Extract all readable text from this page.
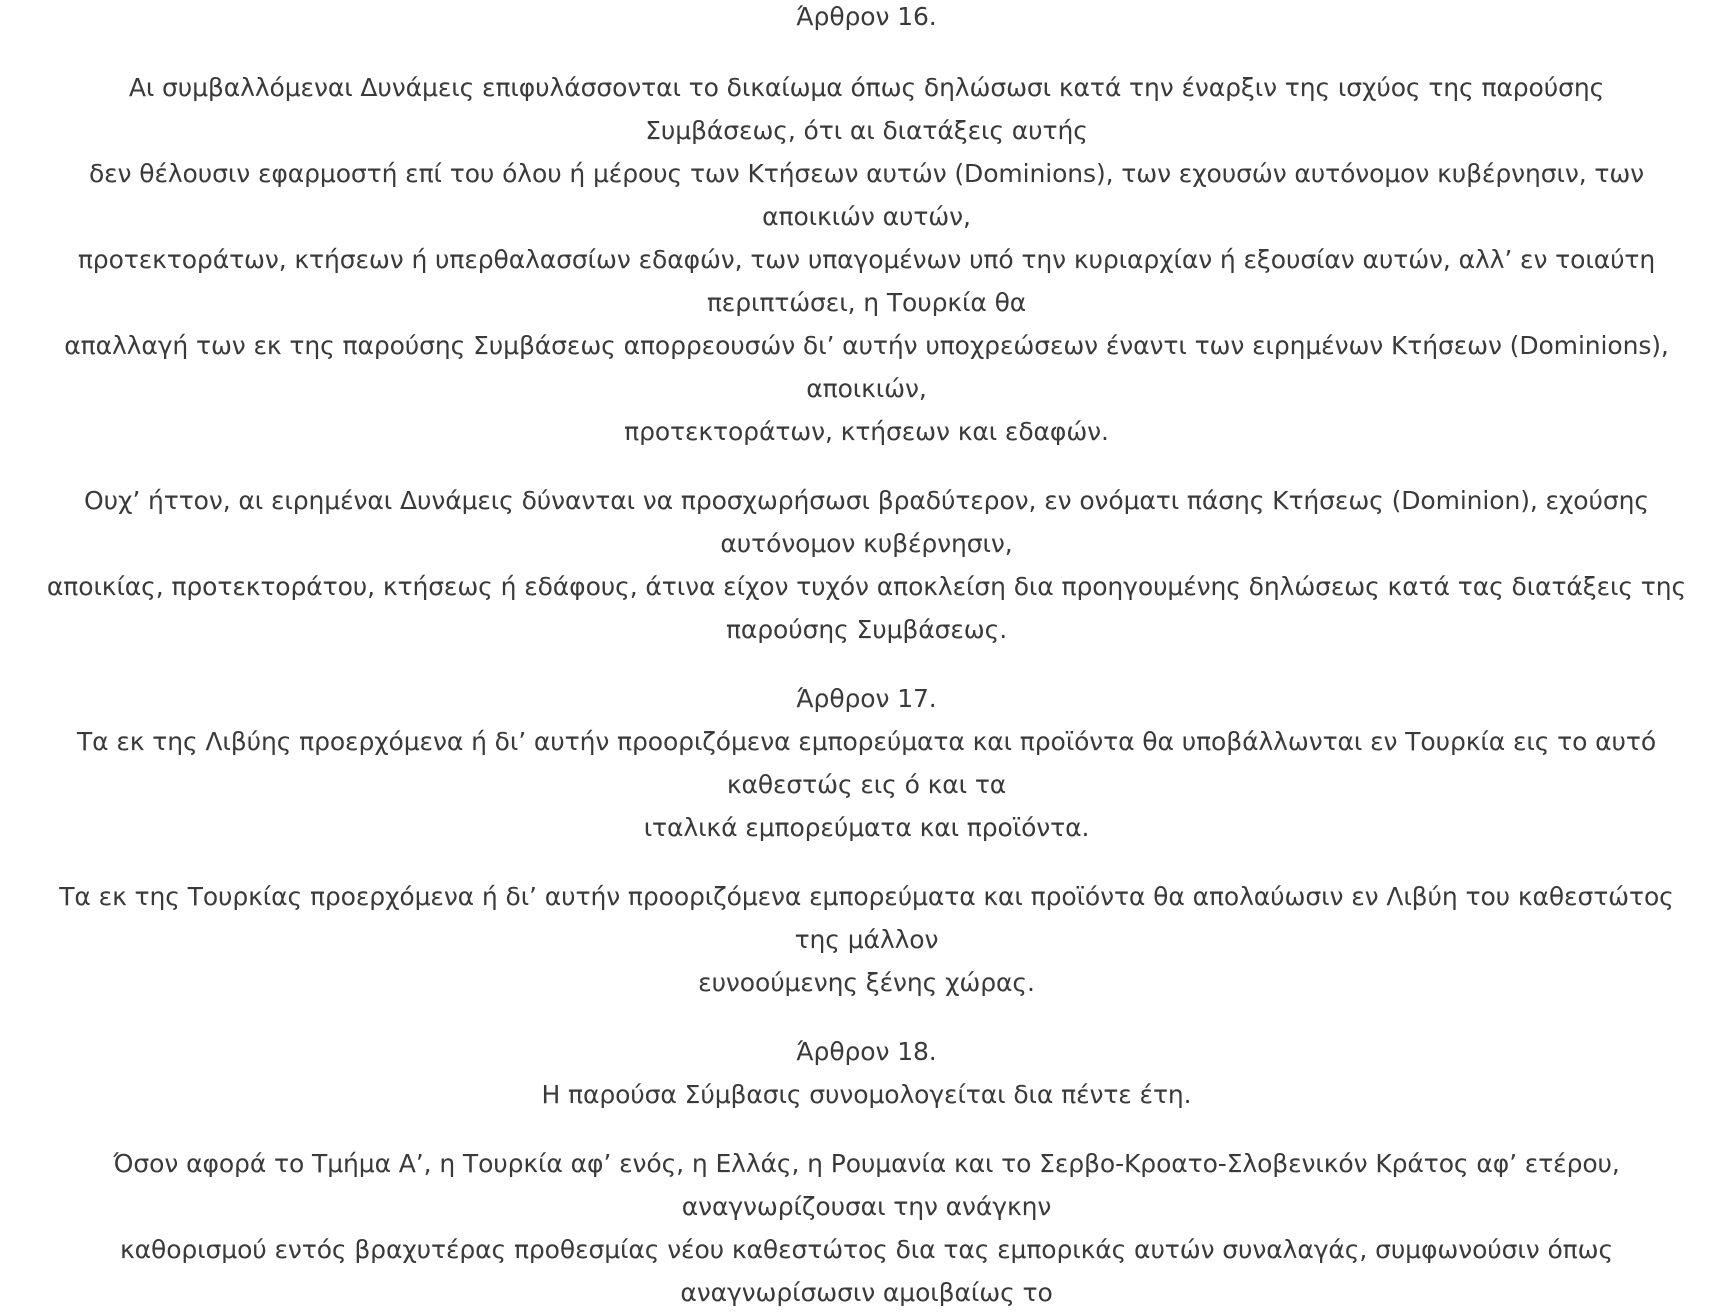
Άρθρον 16.
Αι συμβαλλόμεναι Δυνάμεις επιφυλάσσονται το δικαίωμα όπως δηλώσωσι κατά την έναρξιν της ισχύος της παρούσης
Συμβάσεως, ότι αι διατάξεις αυτής
δεν θέλουσιν εφαρμοστή επί του όλου ή μέρους των Κτήσεων αυτών (Dominions), των εχουσών αυτόνομον κυβέρνησιν, των
αποικιών αυτών,
προτεκτοράτων, κτήσεων ή υπερθαλασσίων εδαφών, των υπαγομένων υπό την κυριαρχίαν ή εξουσίαν αυτών, αλλ’ εν τοιαύτη
περιπτώσει, η Τουρκία θα
απαλλαγή των εκ της παρούσης Συμβάσεως απορρεουσών δι’ αυτήν υποχρεώσεων έναντι των ειρημένων Κτήσεων (Dominions),
αποικιών,
προτεκτοράτων, κτήσεων και εδαφών.
Ουχ’ ήττον, αι ειρημέναι Δυνάμεις δύνανται να προσχωρήσωσι βραδύτερον, εν ονόματι πάσης Κτήσεως (Dominion), εχούσης
αυτόνομον κυβέρνησιν,
αποικίας, προτεκτοράτου, κτήσεως ή εδάφους, άτινα είχον τυχόν αποκλείση δια προηγουμένης δηλώσεως κατά τας διατάξεις της
παρούσης Συμβάσεως.
Άρθρον 17.
Τα εκ της Λιβύης προερχόμενα ή δι’ αυτήν προοριζόμενα εμπορεύματα και προϊόντα θα υποβάλλωνται εν Τουρκία εις το αυτό
καθεστώς εις ό και τα
ιταλικά εμπορεύματα και προϊόντα.
Τα εκ της Τουρκίας προερχόμενα ή δι’ αυτήν προοριζόμενα εμπορεύματα και προϊόντα θα απολαύωσιν εν Λιβύη του καθεστώτος
της μάλλον
ευνοούμενης ξένης χώρας.
Άρθρον 18.
Η παρούσα Σύμβασις συνομολογείται δια πέντε έτη.
Όσον αφορά το Τμήμα Α’, η Τουρκία αφ’ ενός, η Ελλάς, η Ρουμανία και το Σερβο-Κροατο-Σλοβενικόν Κράτος αφ’ ετέρου,
αναγνωρίζουσαι την ανάγκην
καθορισμού εντός βραχυτέρας προθεσμίας νέου καθεστώτος δια τας εμπορικάς αυτών συναλαγάς, συμφωνούσιν όπως
αναγνωρίσωσιν αμοιβαίως το
